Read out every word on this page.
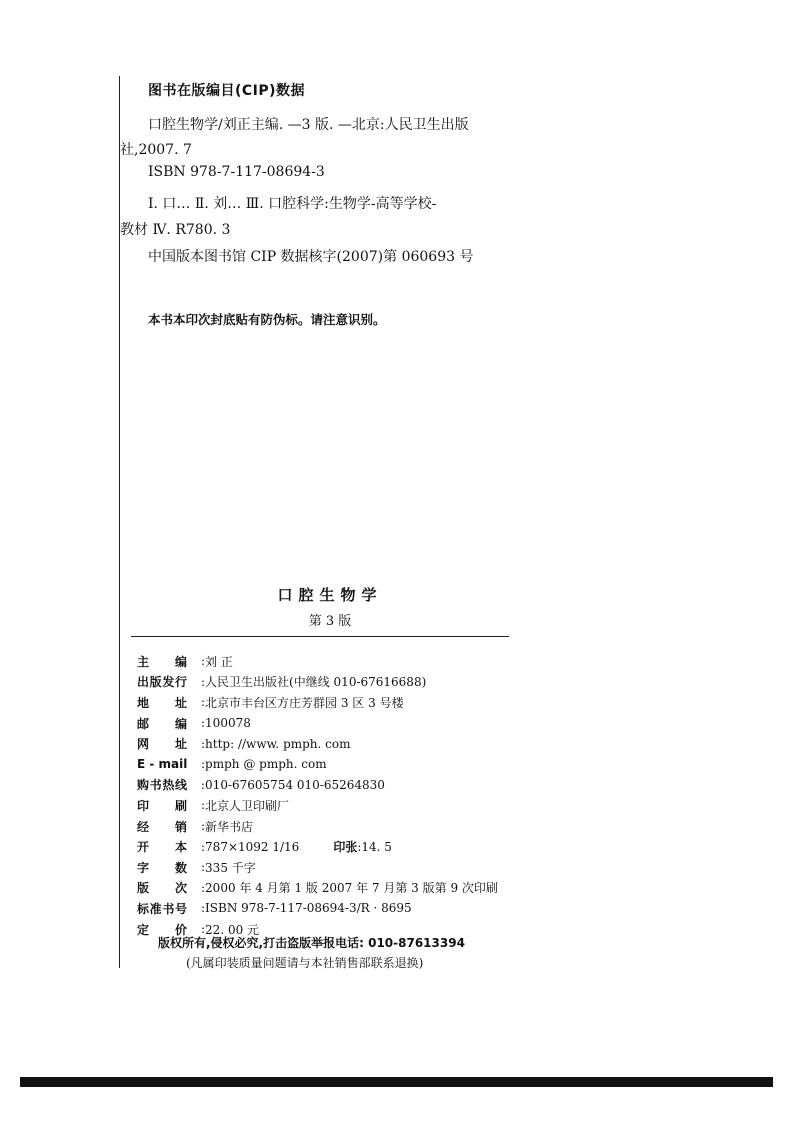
图书在版编目(CIP)数据
口腔生物学/刘正主编. —3 版. —北京:人民卫生出版
社,2007. 7
ISBN 978-7-117-08694-3
Ⅰ. 口… Ⅱ. 刘… Ⅲ. 口腔科学:生物学-高等学校-
教材 Ⅳ. R780. 3
中国版本图书馆 CIP 数据核字(2007)第 060693 号
本书本印次封底贴有防伪标。请注意识别。
口腔生物学
第 3 版
主编	: 刘 正
出版发行	: 人民卫生出版社(中继线 010-67616688)
地址	: 北京市丰台区方庄芳群园 3 区 3 号楼
邮编	: 100078
网址	: http: //www. pmph. com
E - mail	: pmph @ pmph. com
购书热线	: 010-67605754 010-65264830
印刷	: 北京人卫印刷厂
经销	: 新华书店
开本	: 787×1092 1/16	印张 : 14. 5
字数	: 335 千字
版次	: 2000 年 4 月第 1 版 2007 年 7 月第 3 版第 9 次印刷
标准书号	: ISBN 978-7-117-08694-3/R · 8695
定价	: 22. 00 元
版权所有,侵权必究,打击盗版举报电话: 010-87613394
(凡属印装质量问题请与本社销售部联系退换)
